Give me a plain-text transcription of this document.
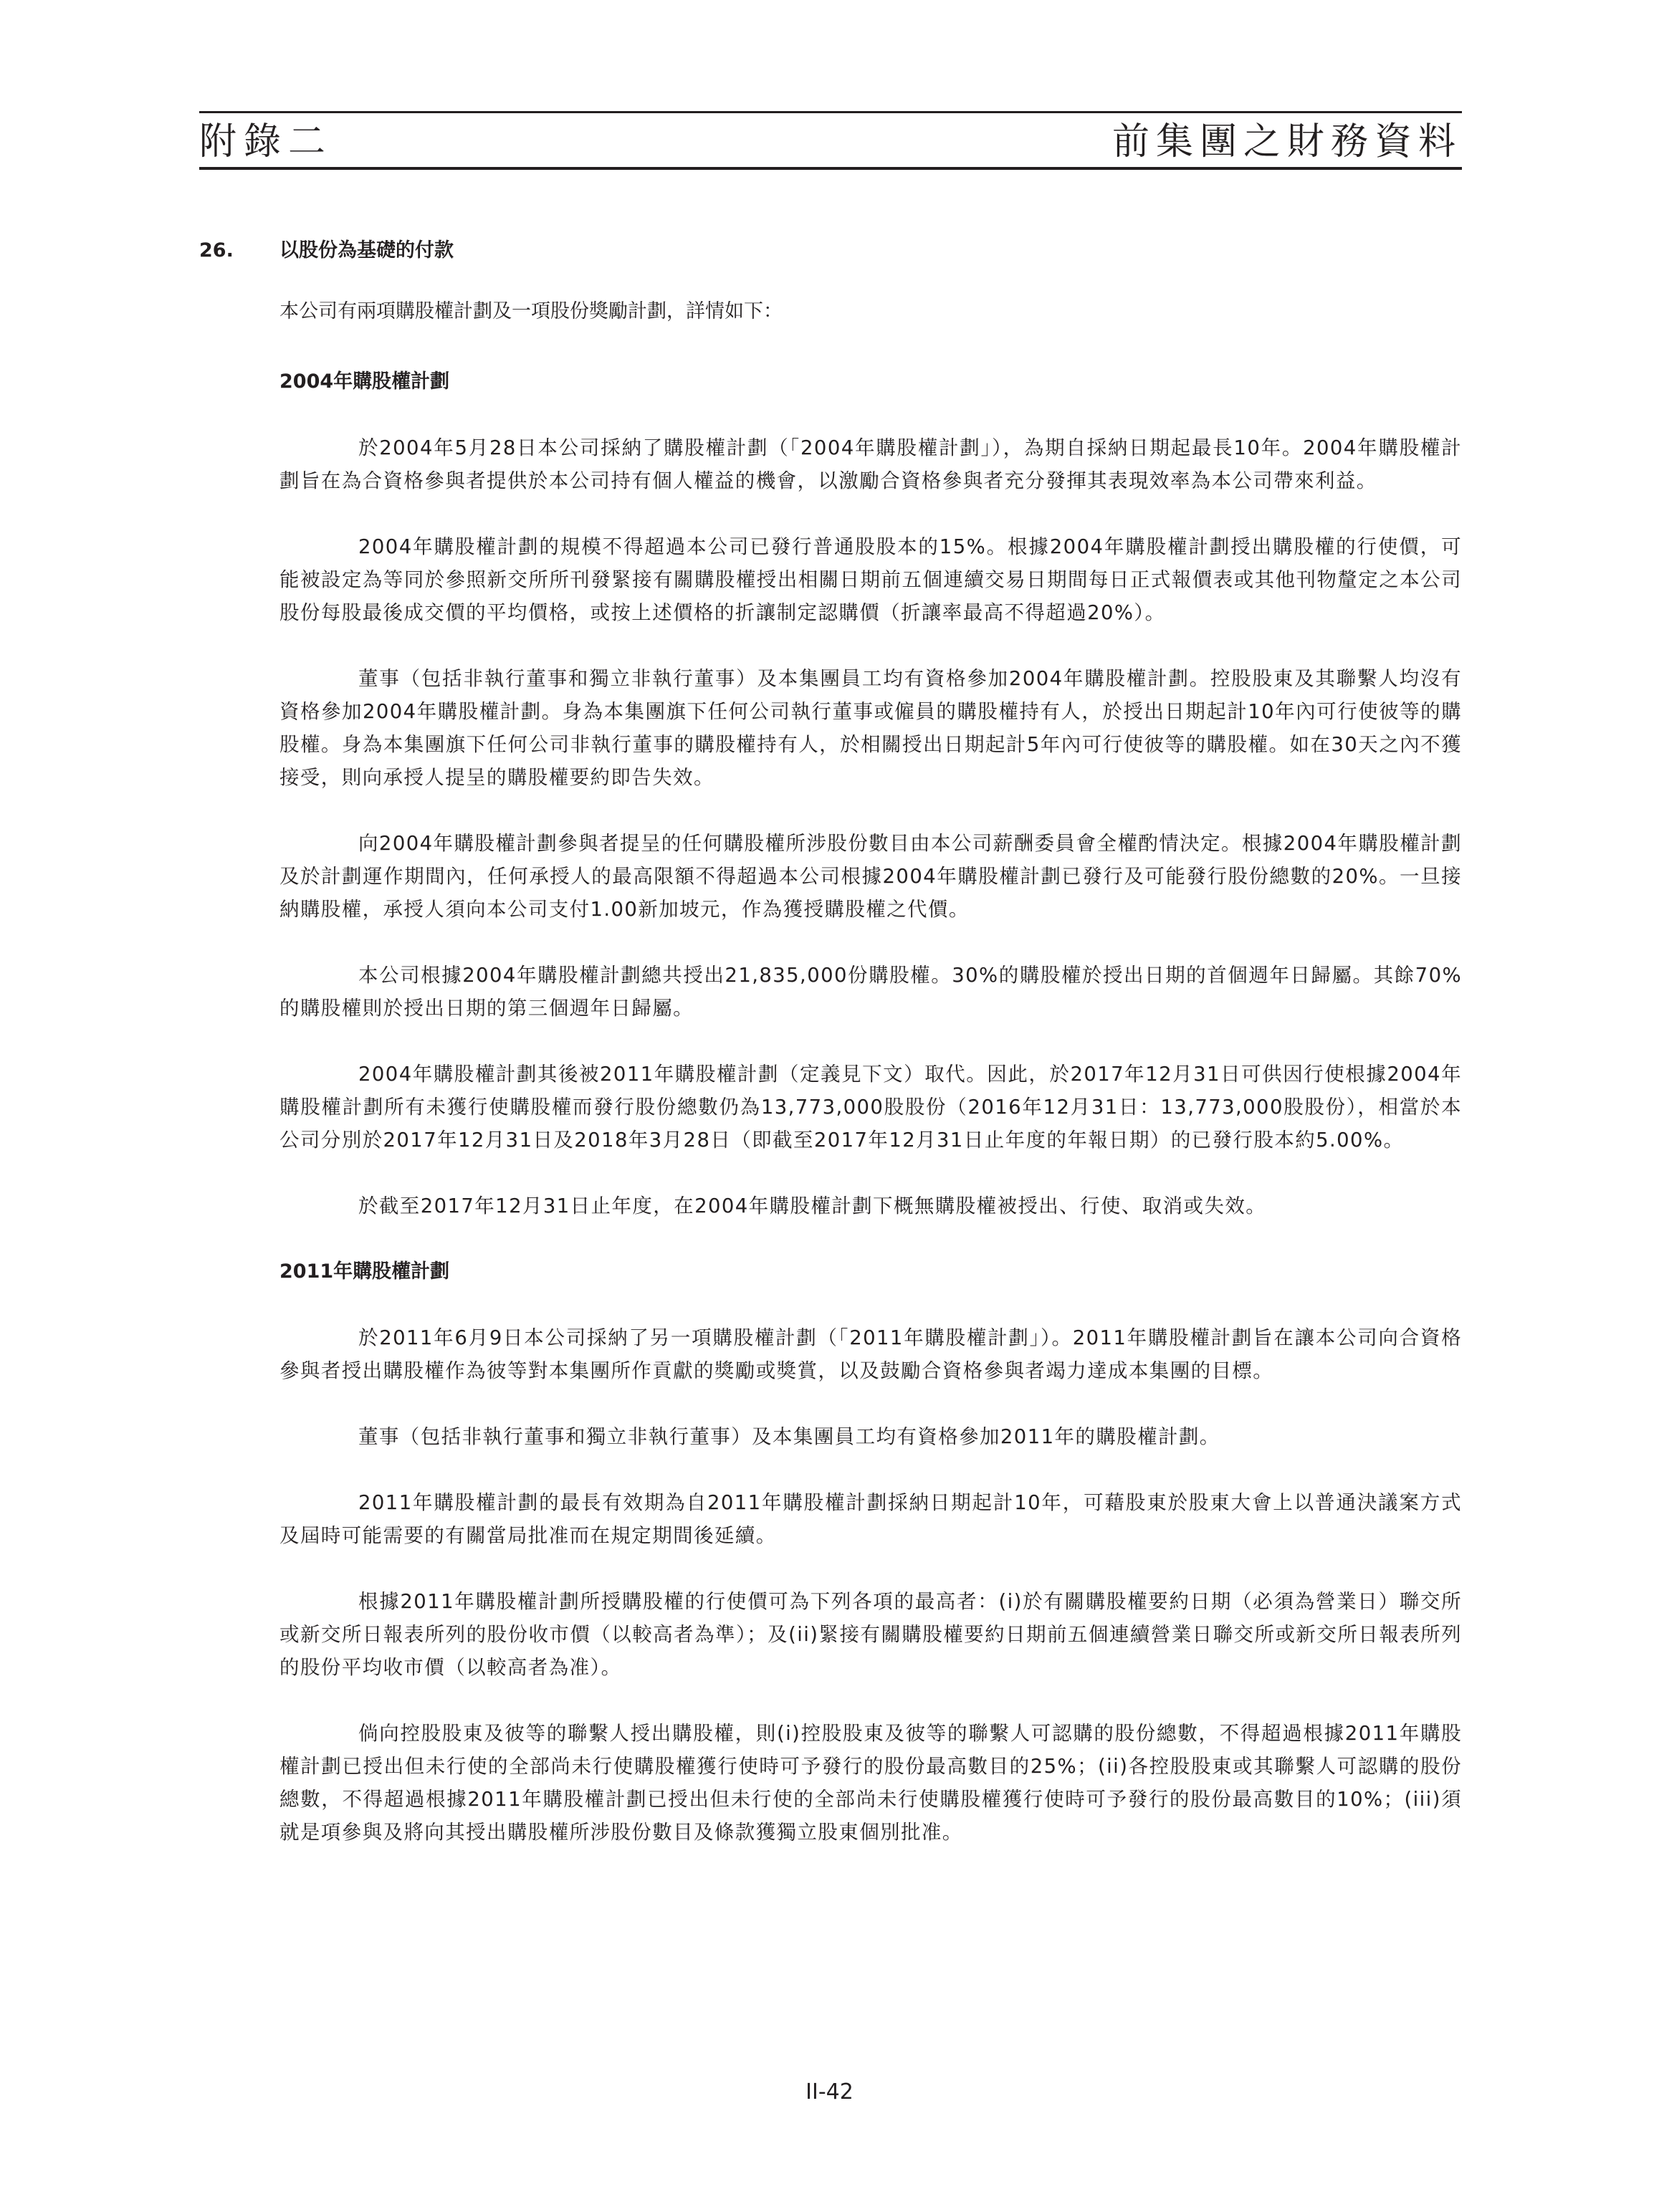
附錄二	前集團之財務資料
26. 以股份為基礎的付款

本公司有兩項購股權計劃及一項股份獎勵計劃，詳情如下：

2004年購股權計劃

於2004年5月28日本公司採納了購股權計劃（「2004年購股權計劃」），為期自採納日期起最長10年。2004年購股權計劃旨在為合資格參與者提供於本公司持有個人權益的機會，以激勵合資格參與者充分發揮其表現效率為本公司帶來利益。

2004年購股權計劃的規模不得超過本公司已發行普通股股本的15%。根據2004年購股權計劃授出購股權的行使價，可能被設定為等同於參照新交所所刊發緊接有關購股權授出相關日期前五個連續交易日期間每日正式報價表或其他刊物釐定之本公司股份每股最後成交價的平均價格，或按上述價格的折讓制定認購價（折讓率最高不得超過20%）。

董事（包括非執行董事和獨立非執行董事）及本集團員工均有資格參加2004年購股權計劃。控股股東及其聯繫人均沒有資格參加2004年購股權計劃。身為本集團旗下任何公司執行董事或僱員的購股權持有人，於授出日期起計10年內可行使彼等的購股權。身為本集團旗下任何公司非執行董事的購股權持有人，於相關授出日期起計5年內可行使彼等的購股權。如在30天之內不獲接受，則向承授人提呈的購股權要約即告失效。

向2004年購股權計劃參與者提呈的任何購股權所涉股份數目由本公司薪酬委員會全權酌情決定。根據2004年購股權計劃及於計劃運作期間內，任何承授人的最高限額不得超過本公司根據2004年購股權計劃已發行及可能發行股份總數的20%。一旦接納購股權，承授人須向本公司支付1.00新加坡元，作為獲授購股權之代價。

本公司根據2004年購股權計劃總共授出21,835,000份購股權。30%的購股權於授出日期的首個週年日歸屬。其餘70%的購股權則於授出日期的第三個週年日歸屬。

2004年購股權計劃其後被2011年購股權計劃（定義見下文）取代。因此，於2017年12月31日可供因行使根據2004年購股權計劃所有未獲行使購股權而發行股份總數仍為13,773,000股股份（2016年12月31日：13,773,000股股份），相當於本公司分別於2017年12月31日及2018年3月28日（即截至2017年12月31日止年度的年報日期）的已發行股本約5.00%。

於截至2017年12月31日止年度，在2004年購股權計劃下概無購股權被授出、行使、取消或失效。

2011年購股權計劃

於2011年6月9日本公司採納了另一項購股權計劃（「2011年購股權計劃」）。2011年購股權計劃旨在讓本公司向合資格參與者授出購股權作為彼等對本集團所作貢獻的獎勵或獎賞，以及鼓勵合資格參與者竭力達成本集團的目標。

董事（包括非執行董事和獨立非執行董事）及本集團員工均有資格參加2011年的購股權計劃。

2011年購股權計劃的最長有效期為自2011年購股權計劃採納日期起計10年，可藉股東於股東大會上以普通決議案方式及屆時可能需要的有關當局批准而在規定期間後延續。

根據2011年購股權計劃所授購股權的行使價可為下列各項的最高者：(i)於有關購股權要約日期（必須為營業日）聯交所或新交所日報表所列的股份收市價（以較高者為準）；及(ii)緊接有關購股權要約日期前五個連續營業日聯交所或新交所日報表所列的股份平均收市價（以較高者為准）。

倘向控股股東及彼等的聯繫人授出購股權，則(i)控股股東及彼等的聯繫人可認購的股份總數，不得超過根據2011年購股權計劃已授出但未行使的全部尚未行使購股權獲行使時可予發行的股份最高數目的25%；(ii)各控股股東或其聯繫人可認購的股份總數，不得超過根據2011年購股權計劃已授出但未行使的全部尚未行使購股權獲行使時可予發行的股份最高數目的10%；(iii)須就是項參與及將向其授出購股權所涉股份數目及條款獲獨立股東個別批准。

II-42
